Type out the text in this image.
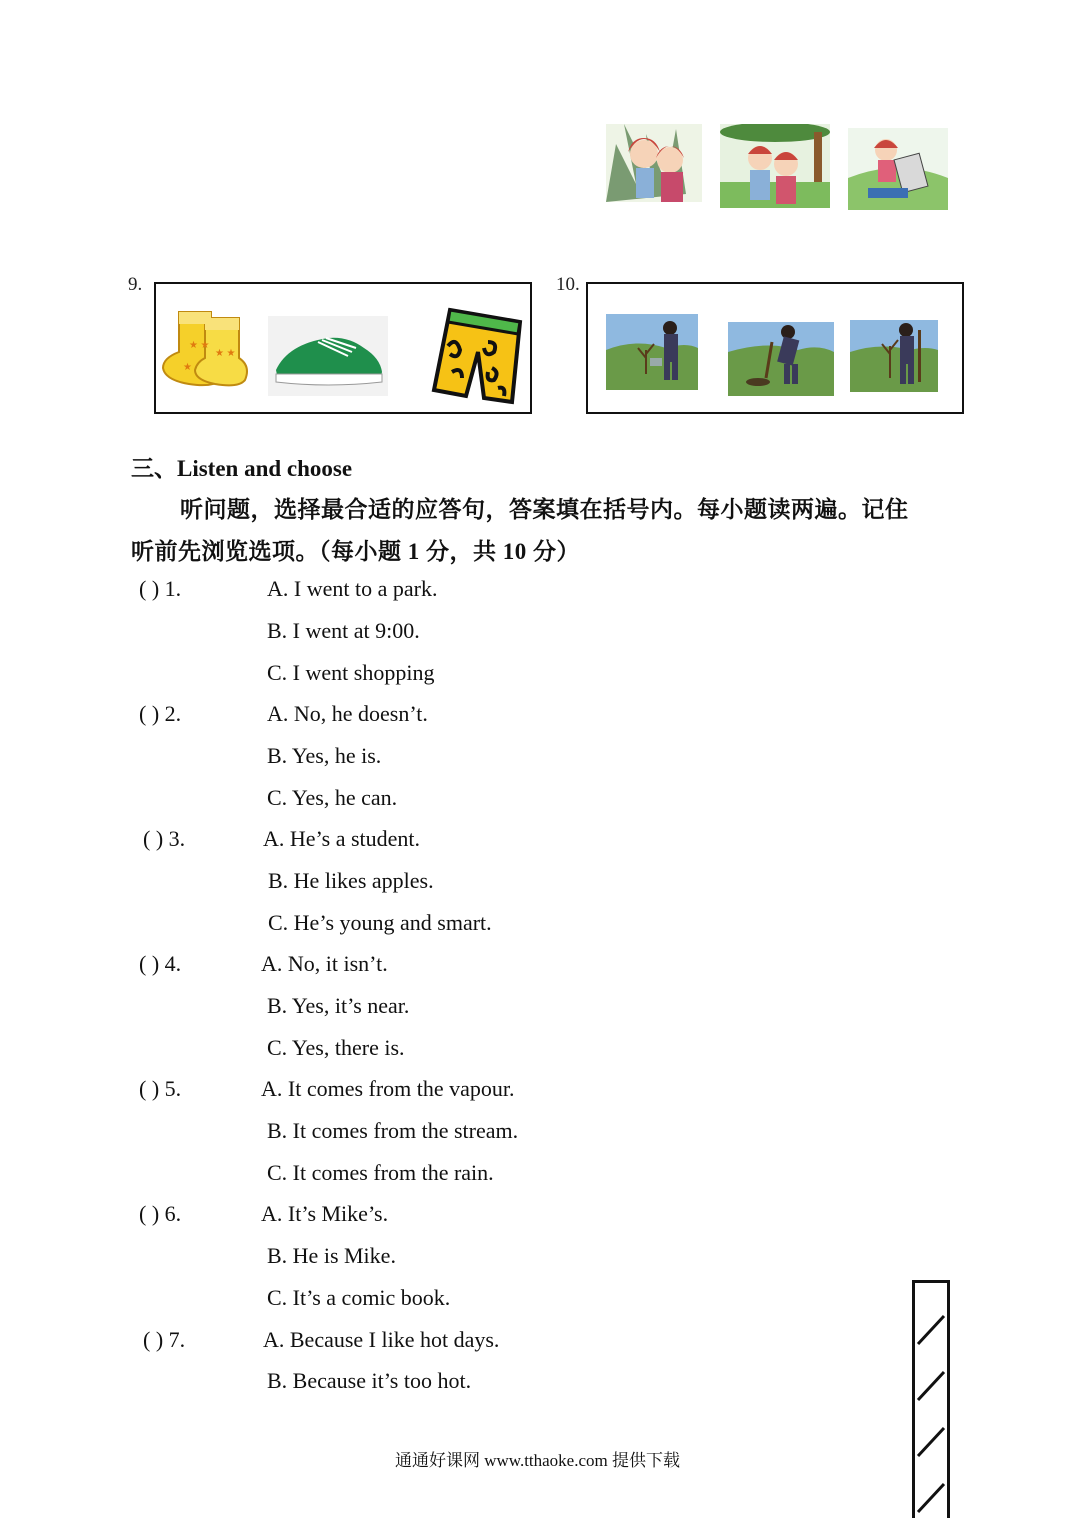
9.
★ ★
★ ★
★
10.
三、Listen and choose
听问题，选择最合适的应答句，答案填在括号内。每小题读两遍。记住
听前先浏览选项。（每小题 1 分，共 10 分）
( ) 1.	A. I went to a park.
B. I went at 9:00.
C. I went shopping
( ) 2.	A. No, he doesn’t.
B. Yes, he is.
C. Yes, he can.
( ) 3.	A. He’s a student.
B. He likes apples.
C. He’s young and smart.
( ) 4.	A. No, it isn’t.
B. Yes, it’s near.
C. Yes, there is.
( ) 5.	A. It comes from the vapour.
B. It comes from the stream.
C. It comes from the rain.
( ) 6.	A. It’s Mike’s.
B. He is Mike.
C. It’s a comic book.
( ) 7.	A. Because I like hot days.
B. Because it’s too hot.
通通好课网 www.tthaoke.com 提供下载
